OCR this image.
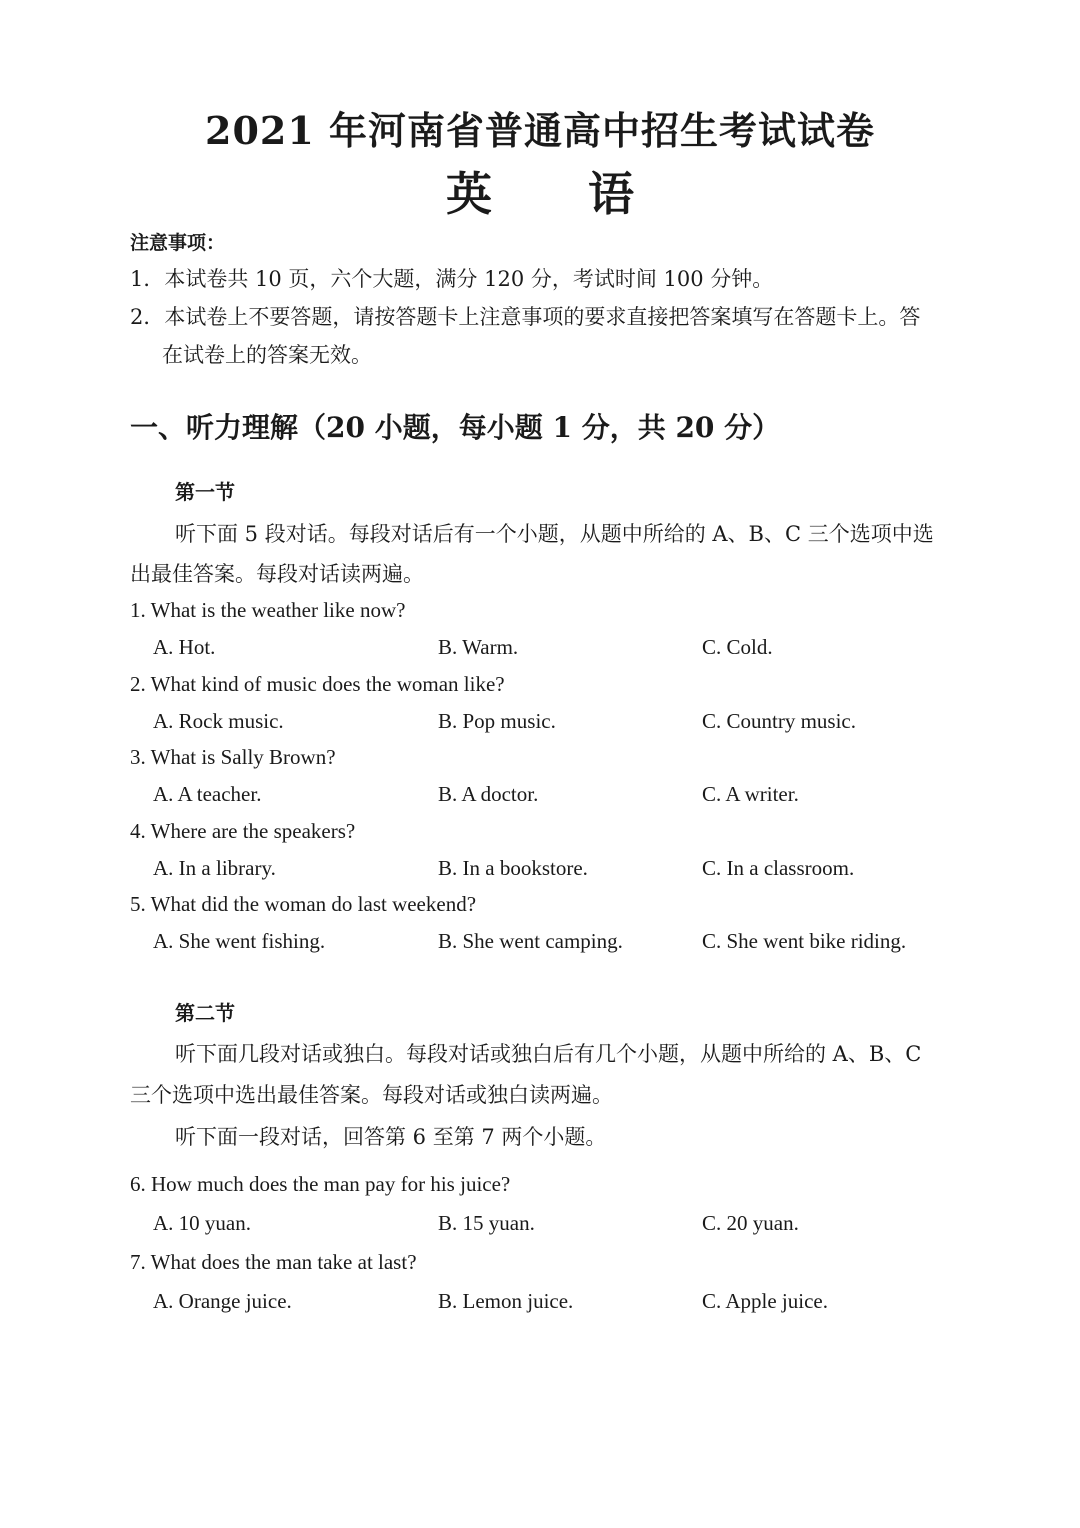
2021 年河南省普通高中招生考试试卷
英 语
注意事项：
1．本试卷共 10 页，六个大题，满分 120 分，考试时间 100 分钟。
2．本试卷上不要答题，请按答题卡上注意事项的要求直接把答案填写在答题卡上。答
在试卷上的答案无效。
一、听力理解（20 小题，每小题 1 分，共 20 分）
第一节
听下面 5 段对话。每段对话后有一个小题，从题中所给的 A、B、C 三个选项中选
出最佳答案。每段对话读两遍。
1. What is the weather like now?
A. Hot.	B. Warm.	C. Cold.
2. What kind of music does the woman like?
A. Rock music.	B. Pop music.	C. Country music.
3. What is Sally Brown?
A. A teacher.	B. A doctor.	C. A writer.
4. Where are the speakers?
A. In a library.	B. In a bookstore.	C. In a classroom.
5. What did the woman do last weekend?
A. She went fishing.	B. She went camping.	C. She went bike riding.
第二节
听下面几段对话或独白。每段对话或独白后有几个小题，从题中所给的 A、B、C
三个选项中选出最佳答案。每段对话或独白读两遍。
听下面一段对话，回答第 6 至第 7 两个小题。
6. How much does the man pay for his juice?
A. 10 yuan.	B. 15 yuan.	C. 20 yuan.
7. What does the man take at last?
A. Orange juice.	B. Lemon juice.	C. Apple juice.
